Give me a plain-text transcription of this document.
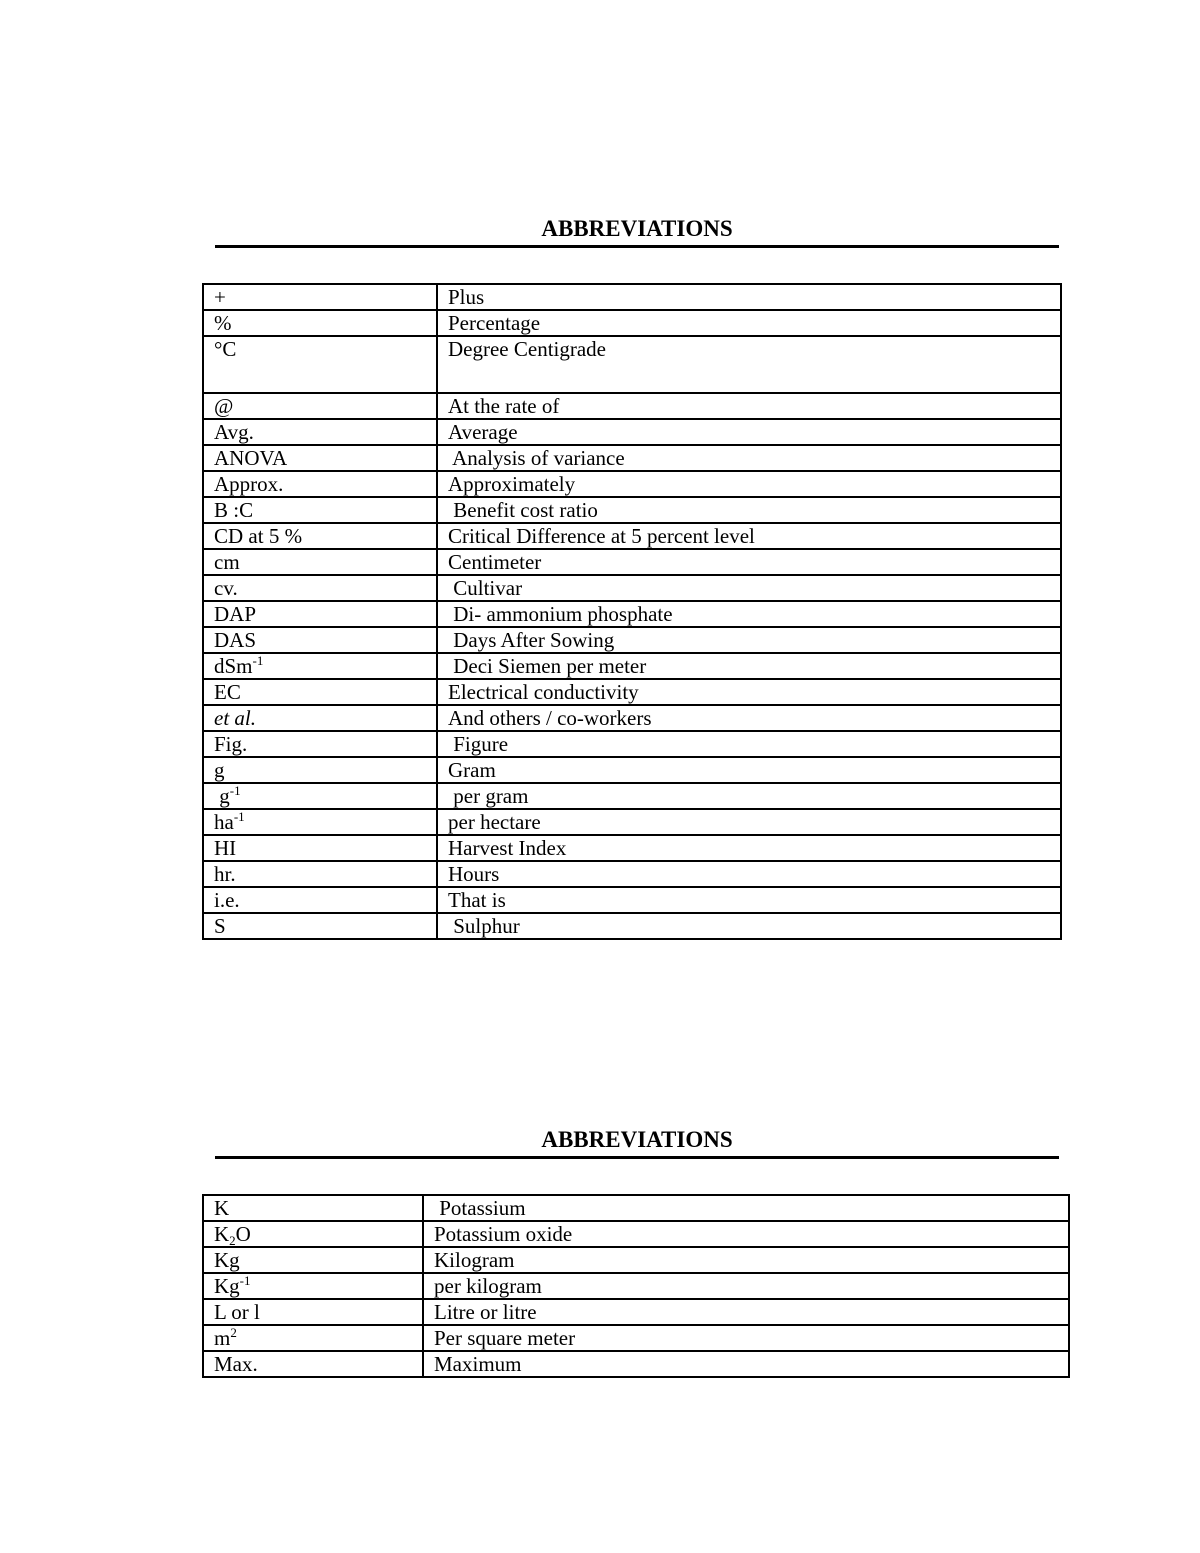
ABBREVIATIONS
+	Plus
%	Percentage
°C	Degree Centigrade
@	At the rate of
Avg.	Average
ANOVA	Analysis of variance
Approx.	Approximately
B :C	Benefit cost ratio
CD at 5 %	Critical Difference at 5 percent level
cm	Centimeter
cv.	Cultivar
DAP	Di- ammonium phosphate
DAS	Days After Sowing
dSm$^{-1}$	Deci Siemen per meter
EC	Electrical conductivity
et al.	And others / co-workers
Fig.	Figure
g	Gram
$g^{-1}$	per gram
$ha^{-1}$	per hectare
HI	Harvest Index
hr.	Hours
i.e.	That is
S	Sulphur
ABBREVIATIONS
K	Potassium
$K_2O$	Potassium oxide
Kg	Kilogram
$Kg^{-1}$	per kilogram
L or l	Litre or litre
$m^2$	Per square meter
Max.	Maximum
